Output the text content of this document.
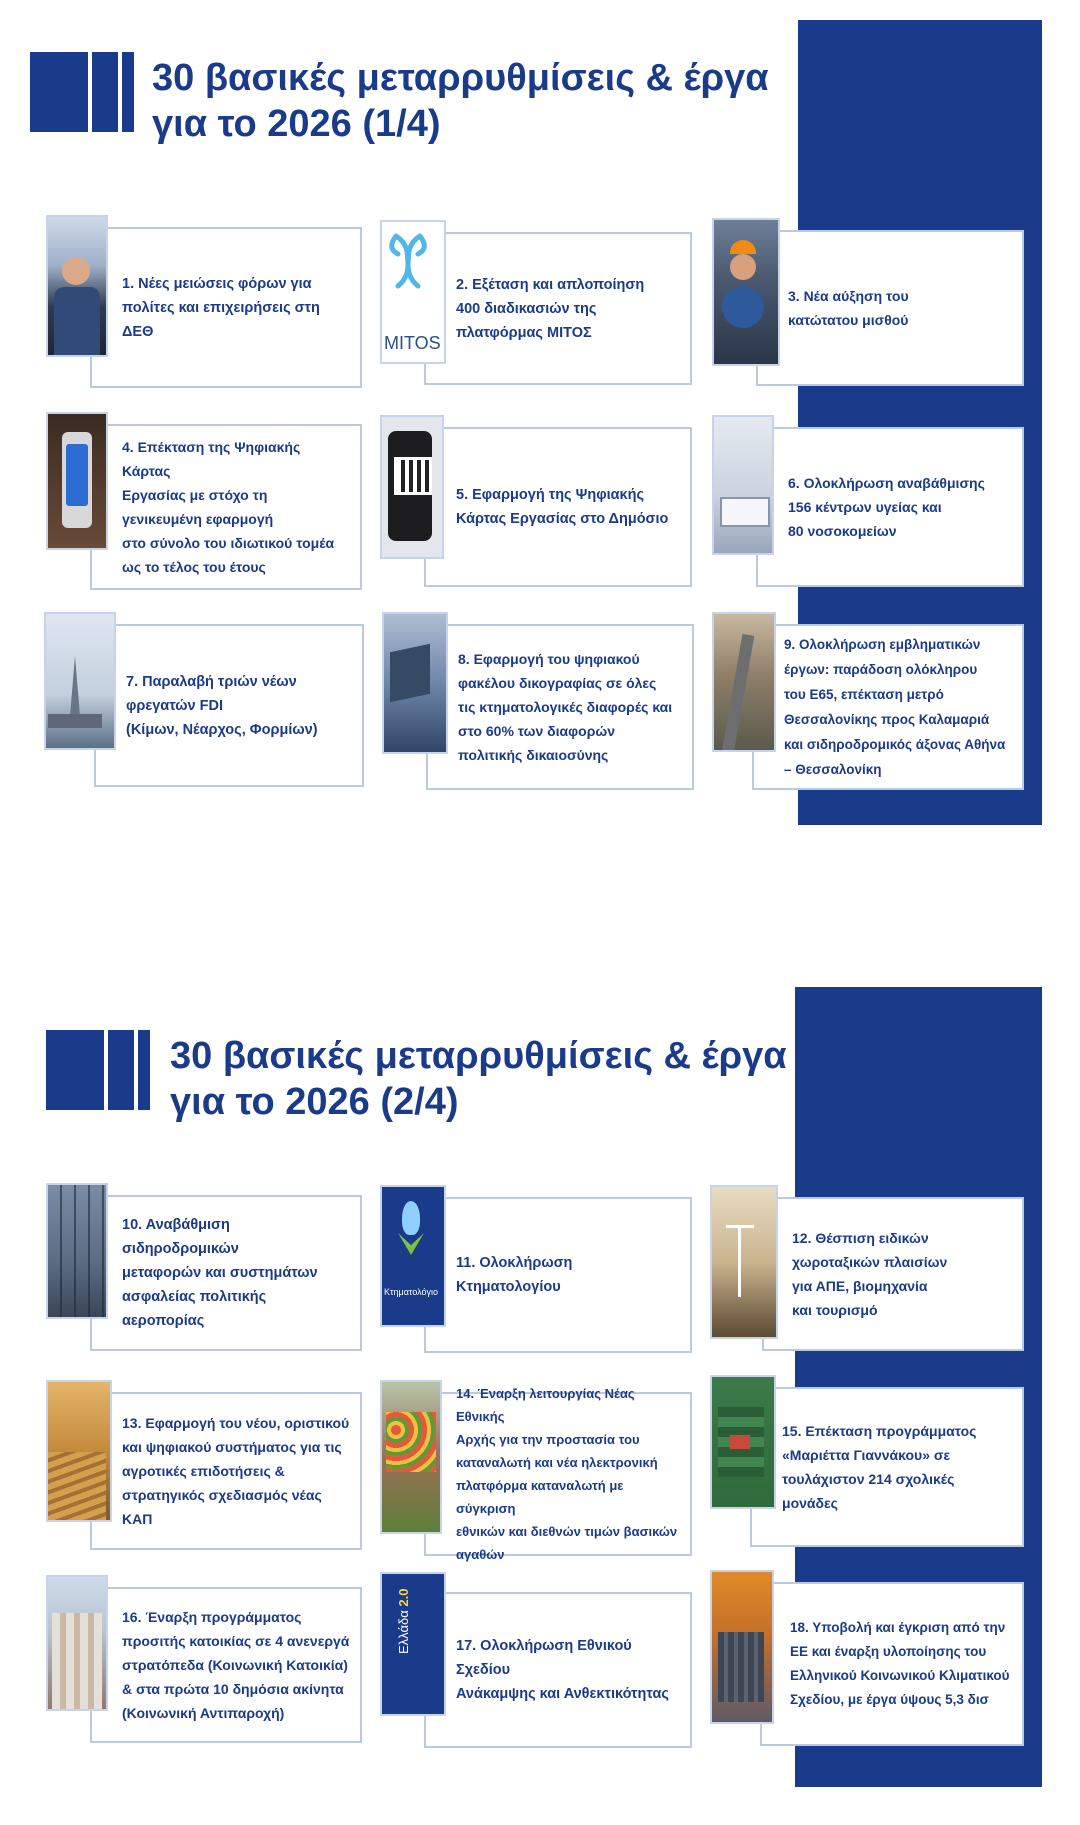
30 βασικές μεταρρυθμίσεις & έργα
για το 2026 (1/4)
1. Νέες μειώσεις φόρων για
πολίτες και επιχειρήσεις στη ΔΕΘ
MITOS
2. Εξέταση και απλοποίηση
400 διαδικασιών της
πλατφόρμας ΜΙΤΟΣ
3. Νέα αύξηση του
κατώτατου μισθού
4. Επέκταση της Ψηφιακής Κάρτας
Εργασίας με στόχο τη
γενικευμένη εφαρμογή
στο σύνολο του ιδιωτικού τομέα
ως το τέλος του έτους
5. Εφαρμογή της Ψηφιακής
Κάρτας Εργασίας στο Δημόσιο
6. Ολοκλήρωση αναβάθμισης
156 κέντρων υγείας και
80 νοσοκομείων
7. Παραλαβή τριών νέων
φρεγατών FDI
(Κίμων, Νέαρχος, Φορμίων)
8. Εφαρμογή του ψηφιακού
φακέλου δικογραφίας σε όλες
τις κτηματολογικές διαφορές και
στο 60% των διαφορών
πολιτικής δικαιοσύνης
9. Ολοκλήρωση εμβληματικών
έργων: παράδοση ολόκληρου
του Ε65, επέκταση μετρό
Θεσσαλονίκης προς Καλαμαριά
και σιδηροδρομικός άξονας Αθήνα
– Θεσσαλονίκη
30 βασικές μεταρρυθμίσεις & έργα
για το 2026 (2/4)
10. Αναβάθμιση σιδηροδρομικών
μεταφορών και συστημάτων
ασφαλείας πολιτικής αεροπορίας
Κτηματολόγιο
11. Ολοκλήρωση Κτηματολογίου
12. Θέσπιση ειδικών
χωροταξικών πλαισίων
για ΑΠΕ, βιομηχανία
και τουρισμό
13. Εφαρμογή του νέου, οριστικού
και ψηφιακού συστήματος για τις
αγροτικές επιδοτήσεις &
στρατηγικός σχεδιασμός νέας ΚΑΠ
14. Έναρξη λειτουργίας Νέας Εθνικής
Αρχής για την προστασία του
καταναλωτή και νέα ηλεκτρονική
πλατφόρμα καταναλωτή με σύγκριση
εθνικών και διεθνών τιμών βασικών
αγαθών
15. Επέκταση προγράμματος
«Μαριέττα Γιαννάκου» σε
τουλάχιστον 214 σχολικές μονάδες
16. Έναρξη προγράμματος
προσιτής κατοικίας σε 4 ανενεργά
στρατόπεδα (Κοινωνική Κατοικία)
& στα πρώτα 10 δημόσια ακίνητα
(Κοινωνική Αντιπαροχή)
Ελλάδα 2.0
17. Ολοκλήρωση Εθνικού Σχεδίου
Ανάκαμψης και Ανθεκτικότητας
18. Υποβολή και έγκριση από την
ΕΕ και έναρξη υλοποίησης του
Ελληνικού Κοινωνικού Κλιματικού
Σχεδίου, με έργα ύψους 5,3 δισ
